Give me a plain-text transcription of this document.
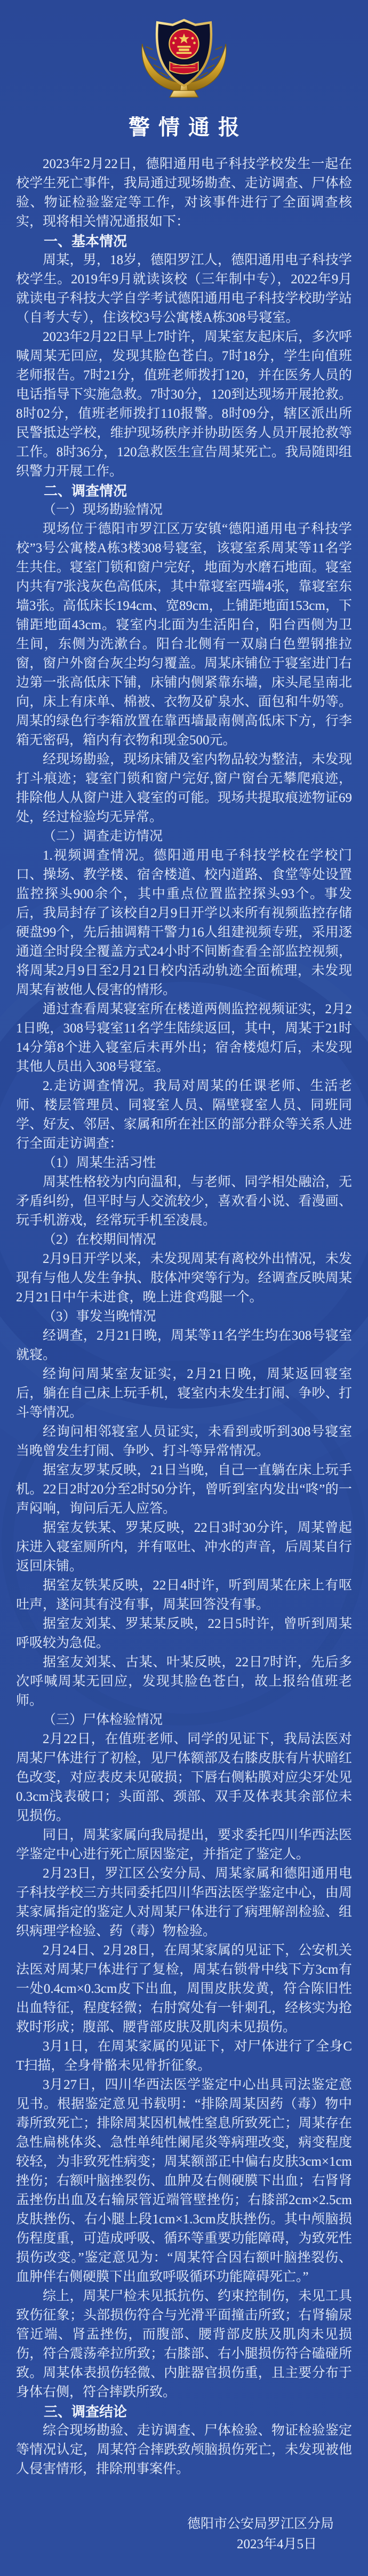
警情通报

2023年2月22日，德阳通用电子科技学校发生一起在校学生死亡事件，我局通过现场勘查、走访调查、尸体检验、物证检验鉴定等工作，对该事件进行了全面调查核实，现将相关情况通报如下：

一、基本情况

周某，男，18岁，德阳罗江人，德阳通用电子科技学校学生。2019年9月就读该校（三年制中专），2022年9月就读电子科技大学自学考试德阳通用电子科技学校助学站（自考大专），住该校3号公寓楼A栋308号寝室。

2023年2月22日早上7时许，周某室友起床后，多次呼喊周某无回应，发现其脸色苍白。7时18分，学生向值班老师报告。7时21分，值班老师拨打120，并在医务人员的电话指导下实施急救。7时30分，120到达现场开展抢救。8时02分，值班老师拨打110报警。8时09分，辖区派出所民警抵达学校，维护现场秩序并协助医务人员开展抢救等工作。8时36分，120急救医生宣告周某死亡。我局随即组织警力开展工作。

二、调查情况

（一）现场勘验情况

现场位于德阳市罗江区万安镇“德阳通用电子科技学校”3号公寓楼A栋3楼308号寝室，该寝室系周某等11名学生共住。寝室门锁和窗户完好，地面为水磨石地面。寝室内共有7张浅灰色高低床，其中靠寝室西墙4张，靠寝室东墙3张。高低床长194cm、宽89cm，上铺距地面153cm，下铺距地面43cm。寝室内北面为生活阳台，阳台西侧为卫生间，东侧为洗漱台。阳台北侧有一双扇白色塑钢推拉窗，窗户外窗台灰尘均匀覆盖。周某床铺位于寝室进门右边第一张高低床下铺，床铺内侧紧靠东墙，床头尾呈南北向，床上有床单、棉被、衣物及矿泉水、面包和牛奶等。周某的绿色行李箱放置在靠西墙最南侧高低床下方，行李箱无密码，箱内有衣物和现金500元。

经现场勘验，现场床铺及室内物品较为整洁，未发现打斗痕迹；寝室门锁和窗户完好,窗户窗台无攀爬痕迹，排除他人从窗户进入寝室的可能。现场共提取痕迹物证69处，经过检验均无异常。

（二）调查走访情况

1.视频调查情况。德阳通用电子科技学校在学校门口、操场、教学楼、宿舍楼道、校内道路、食堂等处设置监控探头900余个，其中重点位置监控探头93个。事发后，我局封存了该校自2月9日开学以来所有视频监控存储硬盘99个，先后抽调精干警力16人组建视频专班，采用逐通道全时段全覆盖方式24小时不间断查看全部监控视频，将周某2月9日至2月21日校内活动轨迹全面梳理，未发现周某有被他人侵害的情形。

通过查看周某寝室所在楼道两侧监控视频证实，2月21日晚，308号寝室11名学生陆续返回，其中，周某于21时14分第8个进入寝室后未再外出；宿舍楼熄灯后，未发现其他人员出入308号寝室。

2.走访调查情况。我局对周某的任课老师、生活老师、楼层管理员、同寝室人员、隔壁寝室人员、同班同学、好友、邻居、家属和所在社区的部分群众等关系人进行全面走访调查：

（1）周某生活习性

周某性格较为内向温和，与老师、同学相处融洽，无矛盾纠纷，但平时与人交流较少，喜欢看小说、看漫画、玩手机游戏，经常玩手机至凌晨。

（2）在校期间情况

2月9日开学以来，未发现周某有离校外出情况，未发现有与他人发生争执、肢体冲突等行为。经调查反映周某2月21日中午未进食，晚上进食鸡腿一个。

（3）事发当晚情况

经调查，2月21日晚，周某等11名学生均在308号寝室就寝。

经询问周某室友证实，2月21日晚，周某返回寝室后，躺在自己床上玩手机，寝室内未发生打闹、争吵、打斗等情况。

经询问相邻寝室人员证实，未看到或听到308号寝室当晚曾发生打闹、争吵、打斗等异常情况。

据室友罗某反映，21日当晚，自己一直躺在床上玩手机。22日2时20分至2时50分许，曾听到室内发出“咚”的一声闷响，询问后无人应答。

据室友铁某、罗某反映，22日3时30分许，周某曾起床进入寝室厕所内，并有呕吐、冲水的声音，后周某自行返回床铺。

据室友铁某反映，22日4时许，听到周某在床上有呕吐声，遂问其有没有事，周某回答没有事。

据室友刘某、罗某某反映，22日5时许，曾听到周某呼吸较为急促。

据室友刘某、古某、叶某反映，22日7时许，先后多次呼喊周某无回应，发现其脸色苍白，故上报给值班老师。

（三）尸体检验情况

2月22日，在值班老师、同学的见证下，我局法医对周某尸体进行了初检，见尸体额部及右膝皮肤有片状暗红色改变，对应表皮未见破损；下唇右侧粘膜对应尖牙处见0.3cm浅表破口；头面部、颈部、双手及体表其余部位未见损伤。

同日，周某家属向我局提出，要求委托四川华西法医学鉴定中心进行死亡原因鉴定，并指定了鉴定人。

2月23日，罗江区公安分局、周某家属和德阳通用电子科技学校三方共同委托四川华西法医学鉴定中心，由周某家属指定的鉴定人对周某尸体进行了病理解剖检验、组织病理学检验、药（毒）物检验。

2月24日、2月28日，在周某家属的见证下，公安机关法医对周某尸体进行了复检，周某右锁骨中线下方3cm有一处0.4cm×0.3cm皮下出血，周围皮肤发黄，符合陈旧性出血特征，程度轻微；右肘窝处有一针刺孔，经核实为抢救时形成；腹部、腰背部皮肤及肌肉未见损伤。

3月1日，在周某家属的见证下，对尸体进行了全身CT扫描，全身骨骼未见骨折征象。

3月27日，四川华西法医学鉴定中心出具司法鉴定意见书。根据鉴定意见书载明：“排除周某因药（毒）物中毒所致死亡；排除周某因机械性窒息所致死亡；周某存在急性扁桃体炎、急性单纯性阑尾炎等病理改变，病变程度较轻，为非致死性病变；周某额部正中偏右皮肤3cm×1cm挫伤；右额叶脑挫裂伤、血肿及右侧硬膜下出血；右肾肾盂挫伤出血及右输尿管近端管壁挫伤；右膝部2cm×2.5cm皮肤挫伤、右小腿上段1cm×1.3cm皮肤挫伤。其中颅脑损伤程度重，可造成呼吸、循环等重要功能障碍，为致死性损伤改变。”鉴定意见为：“周某符合因右额叶脑挫裂伤、血肿伴右侧硬膜下出血致呼吸循环功能障碍死亡。”

综上，周某尸检未见抵抗伤、约束控制伤，未见工具致伤征象；头部损伤符合与光滑平面撞击所致；右肾输尿管近端、肾盂挫伤，而腹部、腰背部皮肤及肌肉未见损伤，符合震荡牵拉所致；右膝部、右小腿损伤符合磕碰所致。周某体表损伤轻微、内脏器官损伤重，且主要分布于身体右侧，符合摔跌所致。

三、调查结论

综合现场勘验、走访调查、尸体检验、物证检验鉴定等情况认定，周某符合摔跌致颅脑损伤死亡，未发现被他人侵害情形，排除刑事案件。

德阳市公安局罗江区分局

2023年4月5日
